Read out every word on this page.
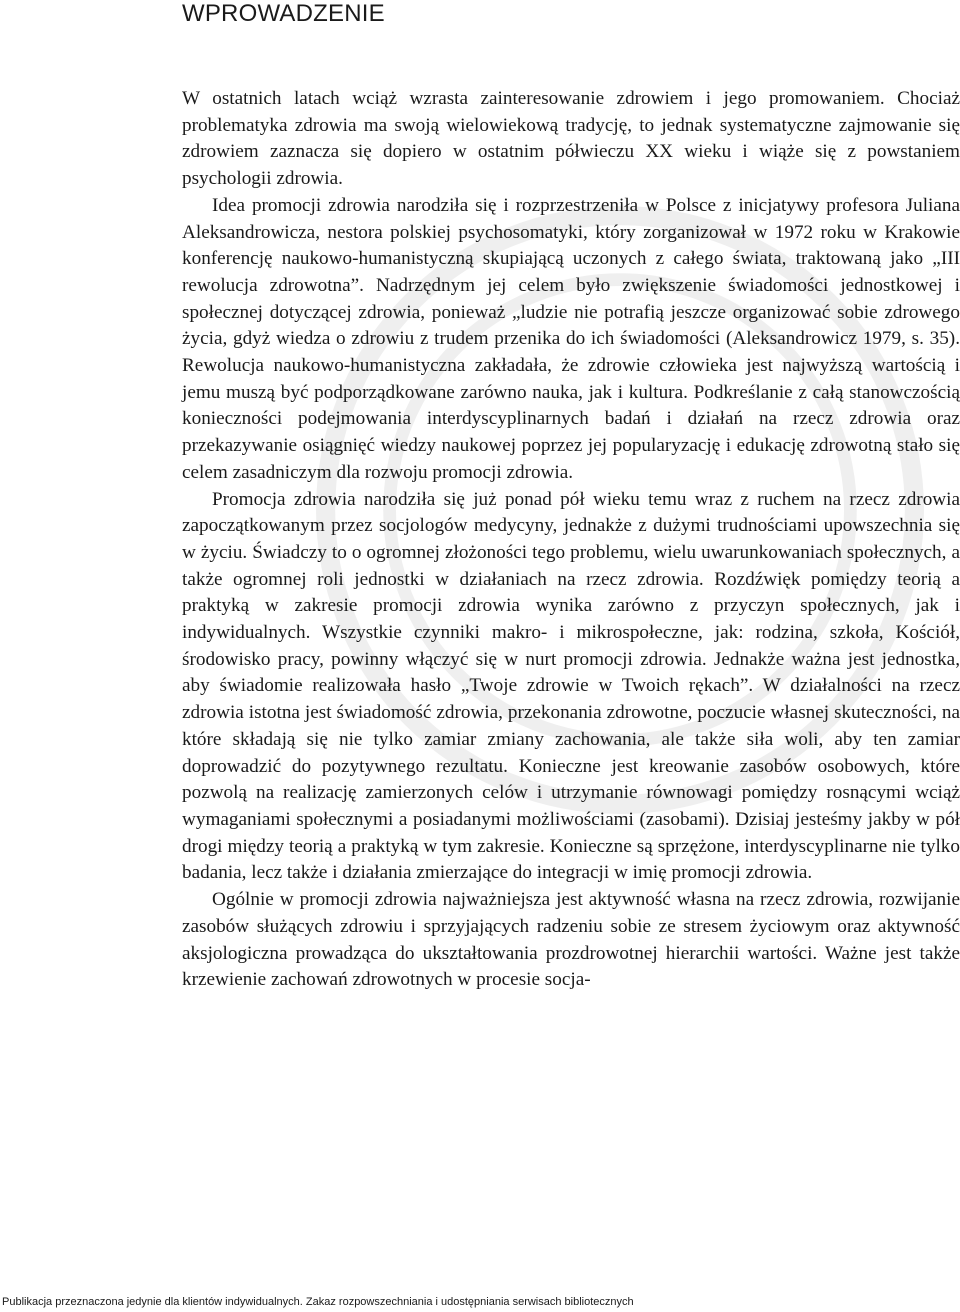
WPROWADZENIE

W ostatnich latach wciąż wzrasta zainteresowanie zdrowiem i jego promowaniem. Chociaż problematyka zdrowia ma swoją wielowiekową tradycję, to jednak systematyczne zajmowanie się zdrowiem zaznacza się dopiero w ostatnim półwieczu XX wieku i wiąże się z powstaniem psychologii zdrowia.

Idea promocji zdrowia narodziła się i rozprzestrzeniła w Polsce z inicjatywy profesora Juliana Aleksandrowicza, nestora polskiej psychosomatyki, który zorganizował w 1972 roku w Krakowie konferencję naukowo-humanistyczną skupiającą uczonych z całego świata, traktowaną jako „III rewolucja zdrowotna”. Nadrzędnym jej celem było zwiększenie świadomości jednostkowej i społecznej dotyczącej zdrowia, ponieważ „ludzie nie potrafią jeszcze organizować sobie zdrowego życia, gdyż wiedza o zdrowiu z trudem przenika do ich świadomości (Aleksandrowicz 1979, s. 35). Rewolucja naukowo-humanistyczna zakładała, że zdrowie człowieka jest najwyższą wartością i jemu muszą być podporządkowane zarówno nauka, jak i kultura. Podkreślanie z całą stanowczością konieczności podejmowania interdyscyplinarnych badań i działań na rzecz zdrowia oraz przekazywanie osiągnięć wiedzy naukowej poprzez jej popularyzację i edukację zdrowotną stało się celem zasadniczym dla rozwoju promocji zdrowia.

Promocja zdrowia narodziła się już ponad pół wieku temu wraz z ruchem na rzecz zdrowia zapoczątkowanym przez socjologów medycyny, jednakże z dużymi trudnościami upowszechnia się w życiu. Świadczy to o ogromnej złożoności tego problemu, wielu uwarunkowaniach społecznych, a także ogromnej roli jednostki w działaniach na rzecz zdrowia. Rozdźwięk pomiędzy teorią a praktyką w zakresie promocji zdrowia wynika zarówno z przyczyn społecznych, jak i indywidualnych. Wszystkie czynniki makro- i mikrospołeczne, jak: rodzina, szkoła, Kościół, środowisko pracy, powinny włączyć się w nurt promocji zdrowia. Jednakże ważna jest jednostka, aby świadomie realizowała hasło „Twoje zdrowie w Twoich rękach”. W działalności na rzecz zdrowia istotna jest świadomość zdrowia, przekonania zdrowotne, poczucie własnej skuteczności, na które składają się nie tylko zamiar zmiany zachowania, ale także siła woli, aby ten zamiar doprowadzić do pozytywnego rezultatu. Konieczne jest kreowanie zasobów osobowych, które pozwolą na realizację zamierzonych celów i utrzymanie równowagi pomiędzy rosnącymi wciąż wymaganiami społecznymi a posiadanymi możliwościami (zasobami). Dzisiaj jesteśmy jakby w pół drogi między teorią a praktyką w tym zakresie. Konieczne są sprzężone, interdyscyplinarne nie tylko badania, lecz także i działania zmierzające do integracji w imię promocji zdrowia.

Ogólnie w promocji zdrowia najważniejsza jest aktywność własna na rzecz zdrowia, rozwijanie zasobów służących zdrowiu i sprzyjających radzeniu sobie ze stresem życiowym oraz aktywność aksjologiczna prowadząca do ukształtowania prozdrowotnej hierarchii wartości. Ważne jest także krzewienie zachowań zdrowotnych w procesie socja-

Publikacja przeznaczona jedynie dla klientów indywidualnych. Zakaz rozpowszechniania i udostępniania serwisach bibliotecznych
